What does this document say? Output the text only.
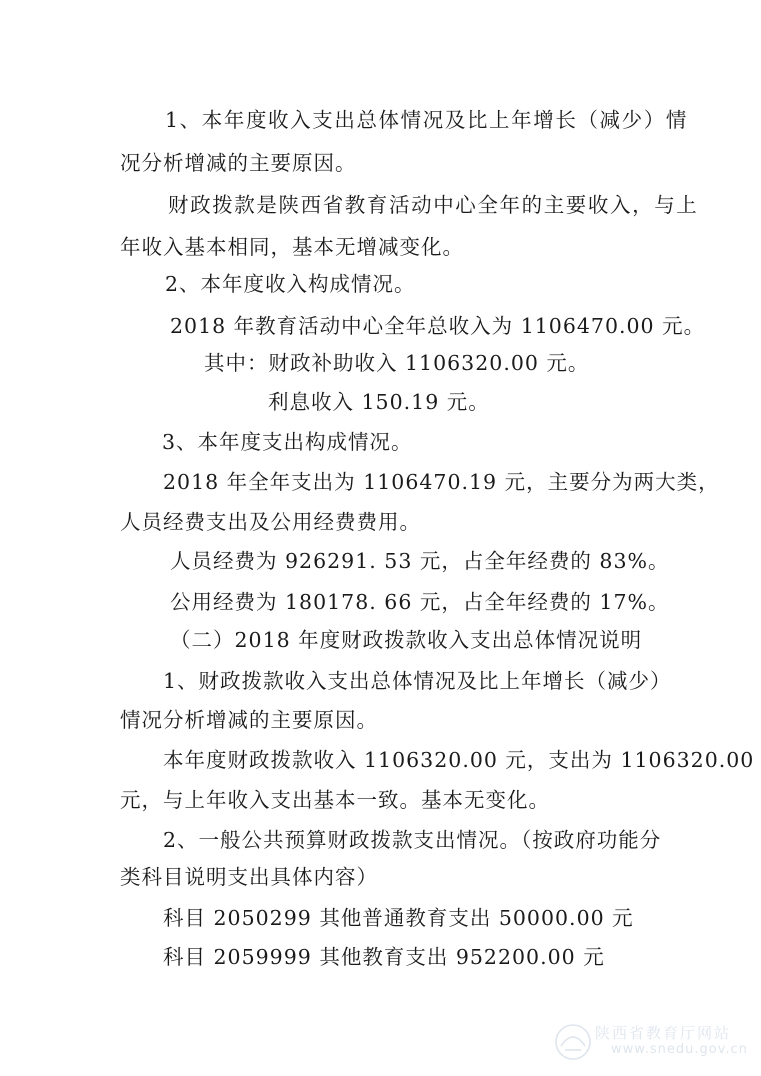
1、本年度收入支出总体情况及比上年增长（减少）情
况分析增减的主要原因。
财政拨款是陕西省教育活动中心全年的主要收入，与上
年收入基本相同，基本无增减变化。
2、本年度收入构成情况。
2018 年教育活动中心全年总收入为 1106470.00 元。
其中：财政补助收入 1106320.00 元。
利息收入 150.19 元。
3、本年度支出构成情况。
2018 年全年支出为 1106470.19 元，主要分为两大类，
人员经费支出及公用经费费用。
人员经费为 926291. 53 元，占全年经费的 83%。
公用经费为 180178. 66 元，占全年经费的 17%。
（二）2018 年度财政拨款收入支出总体情况说明
1、财政拨款收入支出总体情况及比上年增长（减少）
情况分析增减的主要原因。
本年度财政拨款收入 1106320.00 元，支出为 1106320.00
元，与上年收入支出基本一致。基本无变化。
2、一般公共预算财政拨款支出情况。（按政府功能分
类科目说明支出具体内容）
科目 2050299 其他普通教育支出 50000.00 元
科目 2059999 其他教育支出 952200.00 元
陕西省教育厅网站
www.snedu.gov.cn
